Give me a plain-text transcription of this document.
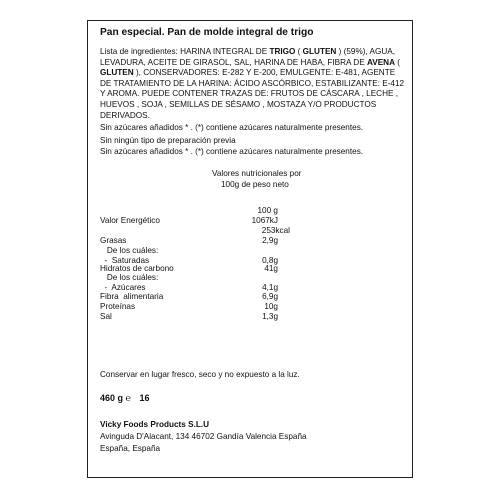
Pan especial. Pan de molde integral de trigo
Lista de ingredientes: HARINA INTEGRAL DE TRIGO ( GLUTEN ) (59%), AGUA, LEVADURA, ACEITE DE GIRASOL, SAL, HARINA DE HABA, FIBRA DE AVENA ( GLUTEN ), CONSERVADORES: E-282 Y E-200, EMULGENTE: E-481, AGENTE DE TRATAMIENTO DE LA HARINA: ÁCIDO ASCÓRBICO, ESTABILIZANTE: E-412 Y AROMA. PUEDE CONTENER TRAZAS DE: FRUTOS DE CÁSCARA , LECHE , HUEVOS , SOJA , SEMILLAS DE SÉSAMO , MOSTAZA Y/O PRODUCTOS DERIVADOS.
Sin azúcares añadidos * . (*) contiene azúcares naturalmente presentes.
Sin ningún tipo de preparación previa
Sin azúcares añadidos * . (*) contiene azúcares naturalmente presentes.
Valores nutricionales por
100g de peso neto
100 g
Valor Energético	1067kJ
253kcal
Grasas	2,9g
De los cuáles:
-  Saturadas	0,8g
Hidratos de carbono	41g
De los cuáles:
-  Azúcares	4,1g
Fibra  alimentaria	6,9g
Proteínas	10g
Sal	1,3g
Conservar en lugar fresco, seco y no expuesto a la luz.
460 g ℮ 16
Vicky Foods Products S.L.U
Avinguda D'Alacant, 134 46702 Gandía Valencia España
España, España
